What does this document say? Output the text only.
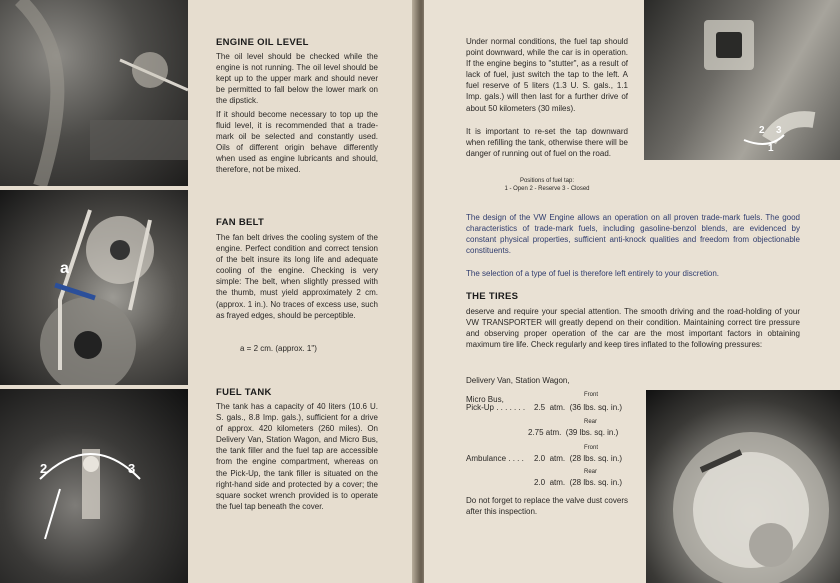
a
2	3
ENGINE OIL LEVEL

The oil level should be checked while the engine is not running. The oil level should be kept up to the upper mark and should never be permitted to fall below the lower mark on the dipstick.

If it should become necessary to top up the fluid level, it is recommended that a trade-mark oil be selected and constantly used. Oils of different origin behave differently when used as engine lubricants and should, therefore, not be mixed.

FAN BELT

The fan belt drives the cooling system of the engine. Perfect condition and correct tension of the belt insure its long life and adequate cooling of the engine. Checking is very simple: The belt, when slightly pressed with the thumb, must yield approximately 2 cm. (approx. 1 in.). No traces of excess use, such as frayed edges, should be perceptible.

a = 2 cm. (approx. 1")

FUEL TANK

The tank has a capacity of 40 liters (10.6 U. S. gals., 8.8 Imp. gals.), sufficient for a drive of approx. 420 kilometers (260 miles). On Delivery Van, Station Wagon, and Micro Bus, the tank filler and the fuel tap are accessible from the engine compartment, whereas on the Pick-Up, the tank filler is situated on the right-hand side and protected by a cover; the square socket wrench provided is to operate the fuel tap beneath the cover.

2 3
1

Under normal conditions, the fuel tap should point downward, while the car is in operation. If the engine begins to "stutter", as a result of lack of fuel, just switch the tap to the left. A fuel reserve of 5 liters (1.3 U. S. gals., 1.1 Imp. gals.) will then last for a further drive of about 50 kilometers (30 miles).

It is important to re-set the tap downward when refilling the tank, otherwise there will be danger of running out of fuel on the road.

Positions of fuel tap:

1 - Open 2 - Reserve 3 - Closed

The design of the VW Engine allows an operation on all proven trade-mark fuels. The good characteristics of trade-mark fuels, including gasoline-benzol blends, are evidenced by constant physical properties, sufficient anti-knock qualities and freedom from objectionable constituents.

The selection of a type of fuel is therefore left entirely to your discretion.

THE TIRES

deserve and require your special attention. The smooth driving and the road-holding of your VW TRANSPORTER will greatly depend on their condition. Maintaining correct tire pressure and observing proper operation of the car are the most important factors in obtaining maximum tire life. Check regularly and keep tires inflated to the following pressures:

Delivery Van, Station Wagon,

Micro Bus,	Front

Pick-Up . . . . . . . 2.5  atm.  (36 lbs. sq. in.)

Rear

2.75 atm.  (39 lbs. sq. in.)

Front

Ambulance . . . . 2.0  atm.  (28 lbs. sq. in.)

Rear

2.0  atm.  (28 lbs. sq. in.)

Do not forget to replace the valve dust covers after this inspection.
